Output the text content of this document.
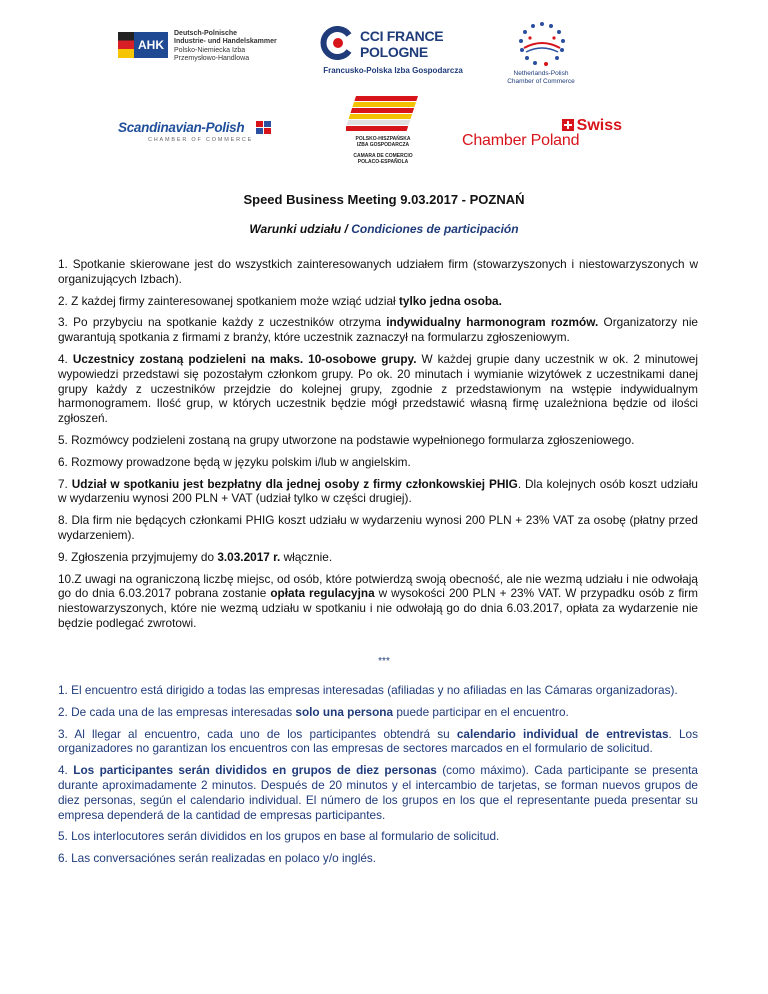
AHK
Deutsch-Polnische
Industrie- und Handelskammer
Polsko-Niemiecka Izba
Przemysłowo-Handlowa
CCI FRANCE
POLOGNE
Francusko-Polska Izba Gospodarcza	Netherlands-Polish
Chamber of Commerce
Scandinavian-Polish
CHAMBER OF COMMERCE	POLSKO-HISZPAŃSKA
IZBA GOSPODARCZA
CAMARA DE COMERCIO
POLACO-ESPAÑOLA
Swiss
Chamber Poland
Speed Business Meeting 9.03.2017 - POZNAŃ
Warunki udziału / Condiciones de participación

1. Spotkanie skierowane jest do wszystkich zainteresowanych udziałem firm (stowarzyszonych i niestowarzyszonych w organizujących Izbach).

2. Z każdej firmy zainteresowanej spotkaniem może wziąć udział tylko jedna osoba.

3. Po przybyciu na spotkanie każdy z uczestników otrzyma indywidualny harmonogram rozmów. Organizatorzy nie gwarantują spotkania z firmami z branży, które uczestnik zaznaczył na formularzu zgłoszeniowym.

4. Uczestnicy zostaną podzieleni na maks. 10-osobowe grupy. W każdej grupie dany uczestnik w ok. 2 minutowej wypowiedzi przedstawi się pozostałym członkom grupy. Po ok. 20 minutach i wymianie wizytówek z uczestnikami danej grupy każdy z uczestników przejdzie do kolejnej grupy, zgodnie z przedstawionym na wstępie indywidualnym harmonogramem. Ilość grup, w których uczestnik będzie mógł przedstawić własną firmę uzależniona będzie od ilości zgłoszeń.

5. Rozmówcy podzieleni zostaną na grupy utworzone na podstawie wypełnionego formularza zgłoszeniowego.

6. Rozmowy prowadzone będą w języku polskim i/lub w angielskim.

7. Udział w spotkaniu jest bezpłatny dla jednej osoby z firmy członkowskiej PHIG. Dla kolejnych osób koszt udziału w wydarzeniu wynosi 200 PLN + VAT (udział tylko w części drugiej).

8. Dla firm nie będących członkami PHIG koszt udziału w wydarzeniu wynosi 200 PLN + 23% VAT za osobę (płatny przed wydarzeniem).

9. Zgłoszenia przyjmujemy do 3.03.2017 r. włącznie.

10.Z uwagi na ograniczoną liczbę miejsc, od osób, które potwierdzą swoją obecność, ale nie wezmą udziału i nie odwołają go do dnia 6.03.2017 pobrana zostanie opłata regulacyjna w wysokości 200 PLN + 23% VAT. W przypadku osób z firm niestowarzyszonych, które nie wezmą udziału w spotkaniu i nie odwołają go do dnia 6.03.2017, opłata za wydarzenie nie będzie podlegać zwrotowi.

***

1. El encuentro está dirigido a todas las empresas interesadas (afiliadas y no afiliadas en las Cámaras organizadoras).

2. De cada una de las empresas interesadas solo una persona puede participar en el encuentro.

3. Al llegar al encuentro, cada uno de los participantes obtendrá su calendario individual de entrevistas. Los organizadores no garantizan los encuentros con las empresas de sectores marcados en el formulario de solicitud.

4. Los participantes serán divididos en grupos de diez personas (como máximo). Cada participante se presenta durante aproximadamente 2 minutos. Después de 20 minutos y el intercambio de tarjetas, se forman nuevos grupos de diez personas, según el calendario individual. El número de los grupos en los que el representante pueda presentar su empresa dependerá de la cantidad de empresas participantes.

5. Los interlocutores serán divididos en los grupos en base al formulario de solicitud.

6. Las conversaciónes serán realizadas en polaco y/o inglés.
